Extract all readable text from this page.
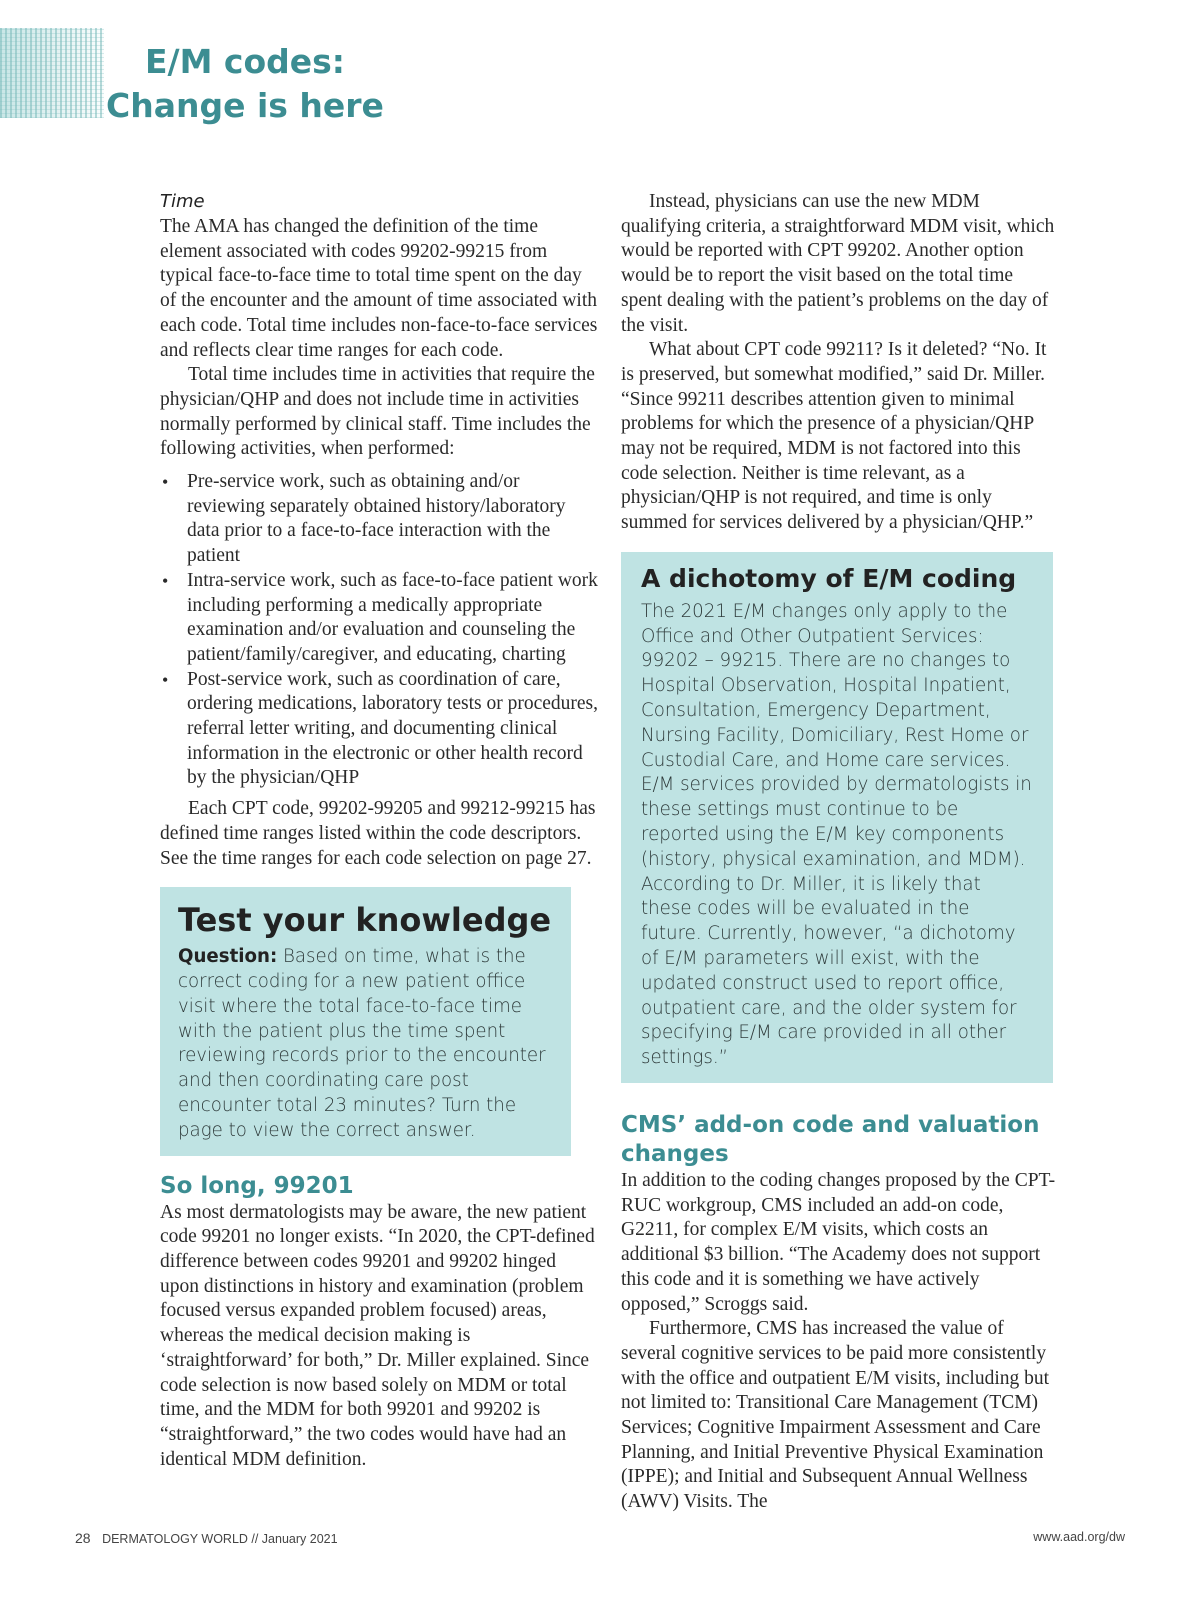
E/M codes:
Change is here

Time

The AMA has changed the definition of the time element associated with codes 99202-99215 from typical face-to-face time to total time spent on the day of the encounter and the amount of time associated with each code. Total time includes non-face-to-face services and reflects clear time ranges for each code.

Total time includes time in activities that require the physician/QHP and does not include time in activities normally performed by clinical staff. Time includes the following activities, when performed:

• Pre-service work, such as obtaining and/or reviewing separately obtained history/laboratory data prior to a face-to-face interaction with the patient
• Intra-service work, such as face-to-face patient work including performing a medically appropriate examination and/or evaluation and counseling the patient/family/caregiver, and educating, charting
• Post-service work, such as coordination of care, ordering medications, laboratory tests or procedures, referral letter writing, and documenting clinical information in the electronic or other health record by the physician/QHP

Each CPT code, 99202-99205 and 99212-99215 has defined time ranges listed within the code descriptors. See the time ranges for each code selection on page 27.

Test your knowledge

Question: Based on time, what is the correct coding for a new patient office visit where the total face-to-face time with the patient plus the time spent reviewing records prior to the encounter and then coordinating care post encounter total 23 minutes? Turn the page to view the correct answer.

So long, 99201

As most dermatologists may be aware, the new patient code 99201 no longer exists. “In 2020, the CPT-defined difference between codes 99201 and 99202 hinged upon distinctions in history and examination (problem focused versus expanded problem focused) areas, whereas the medical decision making is ‘straightforward’ for both,” Dr. Miller explained. Since code selection is now based solely on MDM or total time, and the MDM for both 99201 and 99202 is “straightforward,” the two codes would have had an identical MDM definition.

Instead, physicians can use the new MDM qualifying criteria, a straightforward MDM visit, which would be reported with CPT 99202. Another option would be to report the visit based on the total time spent dealing with the patient’s problems on the day of the visit.

What about CPT code 99211? Is it deleted? “No. It is preserved, but somewhat modified,” said Dr. Miller. “Since 99211 describes attention given to minimal problems for which the presence of a physician/QHP may not be required, MDM is not factored into this code selection. Neither is time relevant, as a physician/QHP is not required, and time is only summed for services delivered by a physician/QHP.”

A dichotomy of E/M coding

The 2021 E/M changes only apply to the Office and Other Outpatient Services: 99202 – 99215. There are no changes to Hospital Observation, Hospital Inpatient, Consultation, Emergency Department, Nursing Facility, Domiciliary, Rest Home or Custodial Care, and Home care services. E/M services provided by dermatologists in these settings must continue to be reported using the E/M key components (history, physical examination, and MDM). According to Dr. Miller, it is likely that these codes will be evaluated in the future. Currently, however, “a dichotomy of E/M parameters will exist, with the updated construct used to report office, outpatient care, and the older system for specifying E/M care provided in all other settings.”

CMS’ add-on code and valuation changes

In addition to the coding changes proposed by the CPT-RUC workgroup, CMS included an add-on code, G2211, for complex E/M visits, which costs an additional $3 billion. “The Academy does not support this code and it is something we have actively opposed,” Scroggs said.

Furthermore, CMS has increased the value of several cognitive services to be paid more consistently with the office and outpatient E/M visits, including but not limited to: Transitional Care Management (TCM) Services; Cognitive Impairment Assessment and Care Planning, and Initial Preventive Physical Examination (IPPE); and Initial and Subsequent Annual Wellness (AWV) Visits. The

28 DERMATOLOGY WORLD // January 2021	www.aad.org/dw
